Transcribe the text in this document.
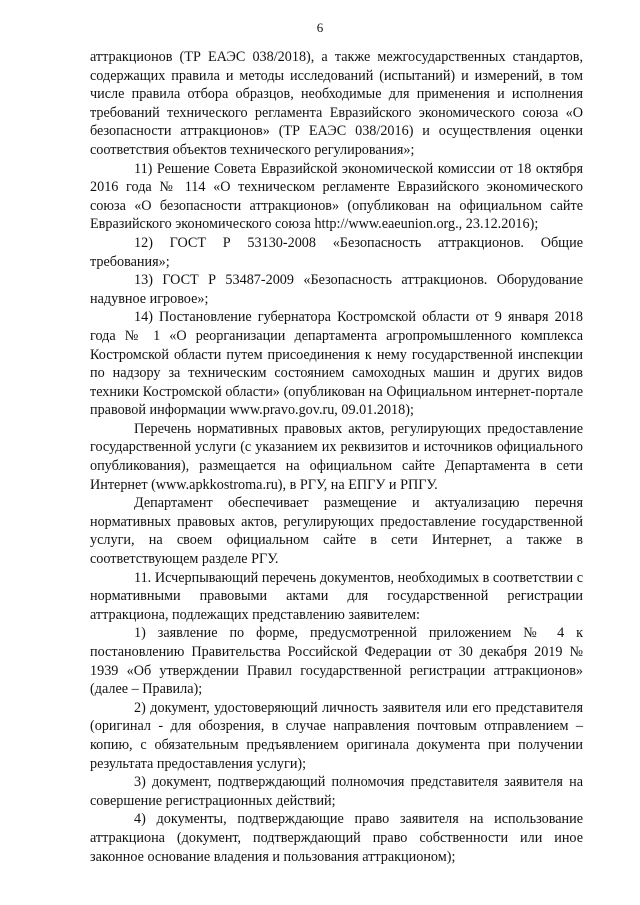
6

аттракционов (ТР ЕАЭС 038/2018), а также межгосударственных стандартов, содержащих правила и методы исследований (испытаний) и измерений, в том числе правила отбора образцов, необходимые для применения и исполнения требований технического регламента Евразийского экономического союза «О безопасности аттракционов» (ТР ЕАЭС 038/2016) и осуществления оценки соответствия объектов технического регулирования»;

11) Решение Совета Евразийской экономической комиссии от 18 октября 2016 года № 114 «О техническом регламенте Евразийского экономического союза «О безопасности аттракционов» (опубликован на официальном сайте Евразийского экономического союза http://www.eaeunion.org., 23.12.2016);

12) ГОСТ Р 53130-2008 «Безопасность аттракционов. Общие требования»;

13) ГОСТ Р 53487-2009 «Безопасность аттракционов. Оборудование надувное игровое»;

14) Постановление губернатора Костромской области от 9 января 2018 года № 1 «О реорганизации департамента агропромышленного комплекса Костромской области путем присоединения к нему государственной инспекции по надзору за техническим состоянием самоходных машин и других видов техники Костромской области» (опубликован на Официальном интернет-портале правовой информации www.pravo.gov.ru, 09.01.2018);

Перечень нормативных правовых актов, регулирующих предоставление государственной услуги (с указанием их реквизитов и источников официального опубликования), размещается на официальном сайте Департамента в сети Интернет (www.apkkostroma.ru), в РГУ, на ЕПГУ и РПГУ.

Департамент обеспечивает размещение и актуализацию перечня нормативных правовых актов, регулирующих предоставление государственной услуги, на своем официальном сайте в сети Интернет, а также в соответствующем разделе РГУ.

11. Исчерпывающий перечень документов, необходимых в соответствии с нормативными правовыми актами для государственной регистрации аттракциона, подлежащих представлению заявителем:

1) заявление по форме, предусмотренной приложением № 4 к постановлению Правительства Российской Федерации от 30 декабря 2019 № 1939 «Об утверждении Правил государственной регистрации аттракционов» (далее – Правила);

2) документ, удостоверяющий личность заявителя или его представителя (оригинал - для обозрения, в случае направления почтовым отправлением – копию, с обязательным предъявлением оригинала документа при получении результата предоставления услуги);

3) документ, подтверждающий полномочия представителя заявителя на совершение регистрационных действий;

4) документы, подтверждающие право заявителя на использование аттракциона (документ, подтверждающий право собственности или иное законное основание владения и пользования аттракционом);
